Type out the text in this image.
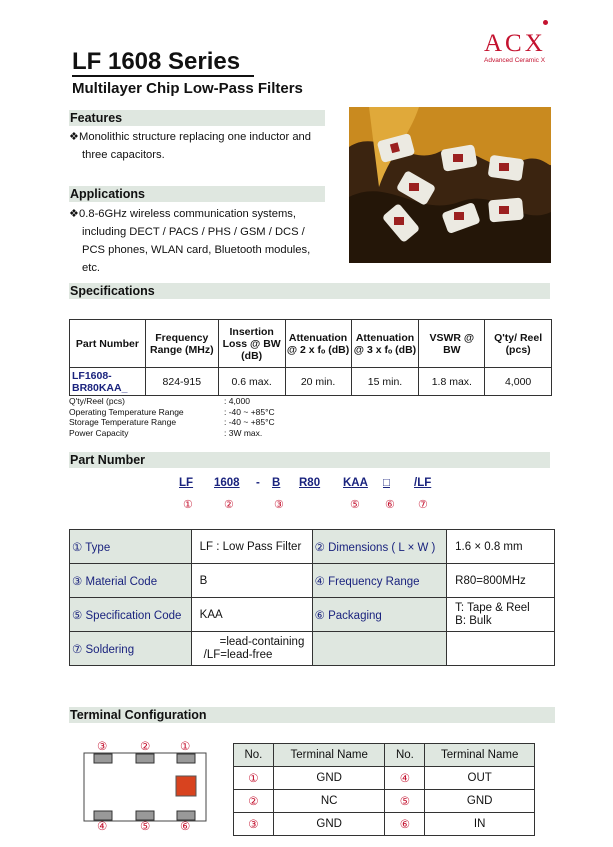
ACX
Advanced Ceramic X
LF 1608 Series
Multilayer Chip Low-Pass Filters
Features
❖Monolithic structure replacing one inductor and
three capacitors.
Applications
❖0.8-6GHz wireless communication systems,
including DECT / PACS / PHS / GSM / DCS /
PCS phones, WLAN card, Bluetooth modules,
etc.
Specifications
Part Number	Frequency Range (MHz)	Insertion Loss @ BW (dB)	Attenuation @ 2 x fₒ (dB)	Attenuation @ 3 x fₒ (dB)	VSWR @ BW	Q'ty/ Reel (pcs)
LF1608-BR80KAA_	824-915	0.6 max.	20 min.	15 min.	1.8 max.	4,000
Q'ty/Reel (pcs)	: 4,000
Operating Temperature Range	: -40 ~ +85°C
Storage Temperature Range	: -40 ~ +85°C
Power Capacity	: 3W max.
Part Number
LF 1608 - B R80 KAA □ /LF
①	②	③	⑤ ⑥ ⑦
① Type	LF : Low Pass Filter	② Dimensions ( L × W )	1.6 × 0.8 mm
③ Material Code	B	④ Frequency Range	R80=800MHz
⑤ Specification Code	KAA	⑥ Packaging	T: Tape & Reel
B: Bulk
⑦ Soldering	=lead-containing
/LF=lead-free		
Terminal Configuration
③	②	①
④	⑤	⑥
No.	Terminal Name	No.	Terminal Name
①	GND	④	OUT
②	NC	⑤	GND
③	GND	⑥	IN
